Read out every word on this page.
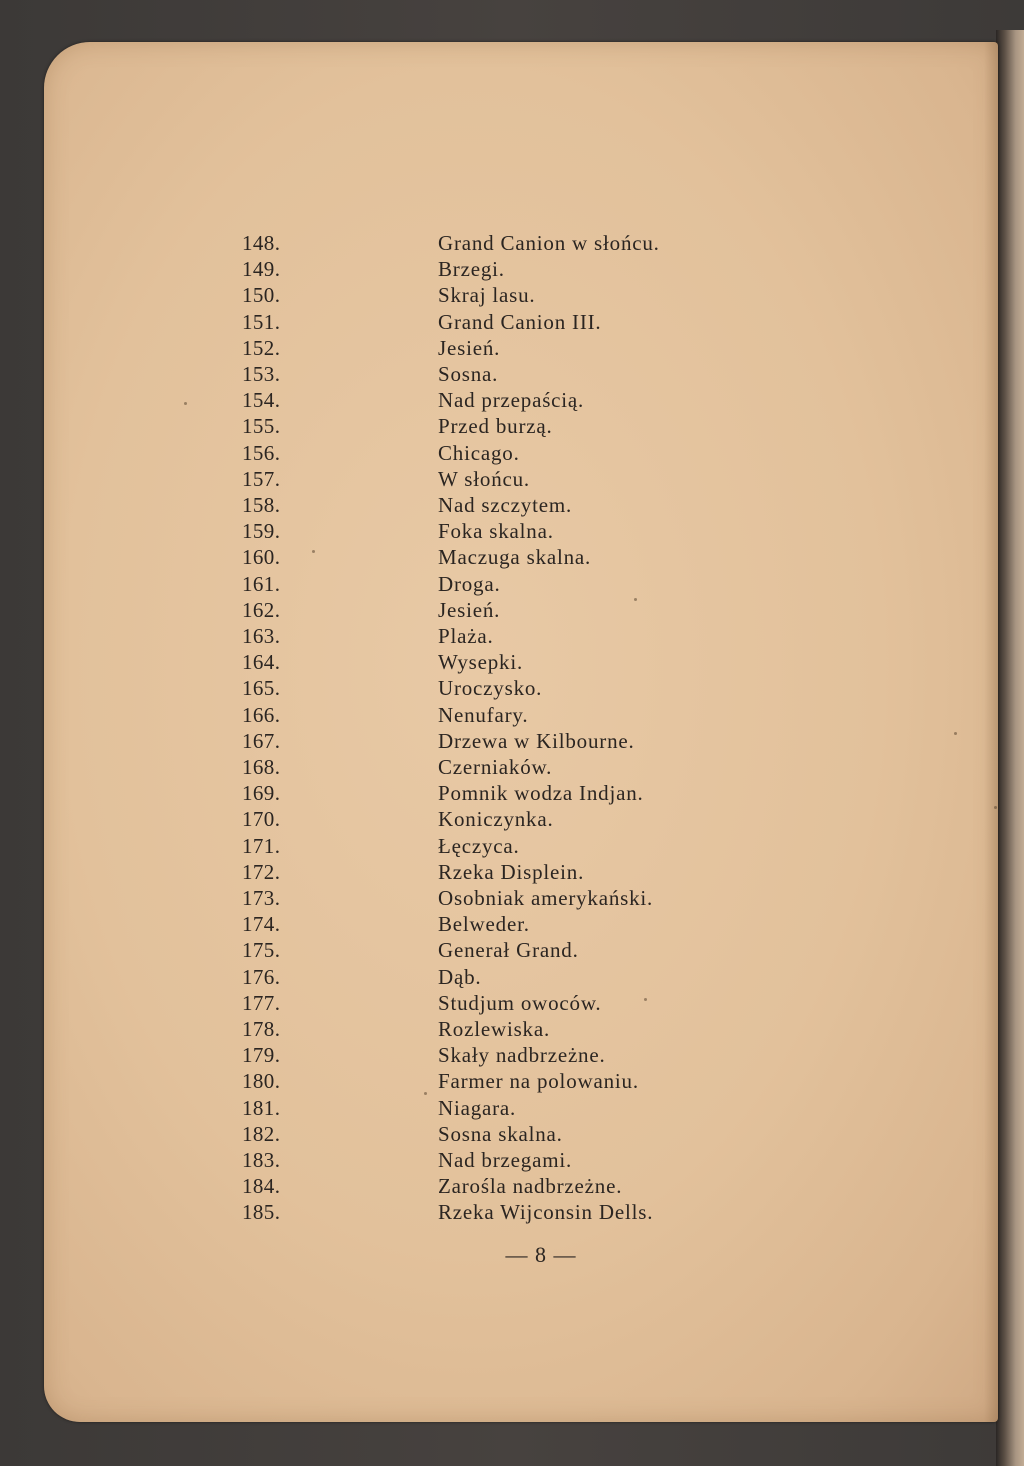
148.	Grand Canion w słońcu.
149.	Brzegi.
150.	Skraj lasu.
151.	Grand Canion III.
152.	Jesień.
153.	Sosna.
154.	Nad przepaścią.
155.	Przed burzą.
156.	Chicago.
157.	W słońcu.
158.	Nad szczytem.
159.	Foka skalna.
160.	Maczuga skalna.
161.	Droga.
162.	Jesień.
163.	Plaża.
164.	Wysepki.
165.	Uroczysko.
166.	Nenufary.
167.	Drzewa w Kilbourne.
168.	Czerniaków.
169.	Pomnik wodza Indjan.
170.	Koniczynka.
171.	Łęczyca.
172.	Rzeka Displein.
173.	Osobniak amerykański.
174.	Belweder.
175.	Generał Grand.
176.	Dąb.
177.	Studjum owoców.
178.	Rozlewiska.
179.	Skały nadbrzeżne.
180.	Farmer na polowaniu.
181.	Niagara.
182.	Sosna skalna.
183.	Nad brzegami.
184.	Zarośla nadbrzeżne.
185.	Rzeka Wijconsin Dells.
— 8 —
